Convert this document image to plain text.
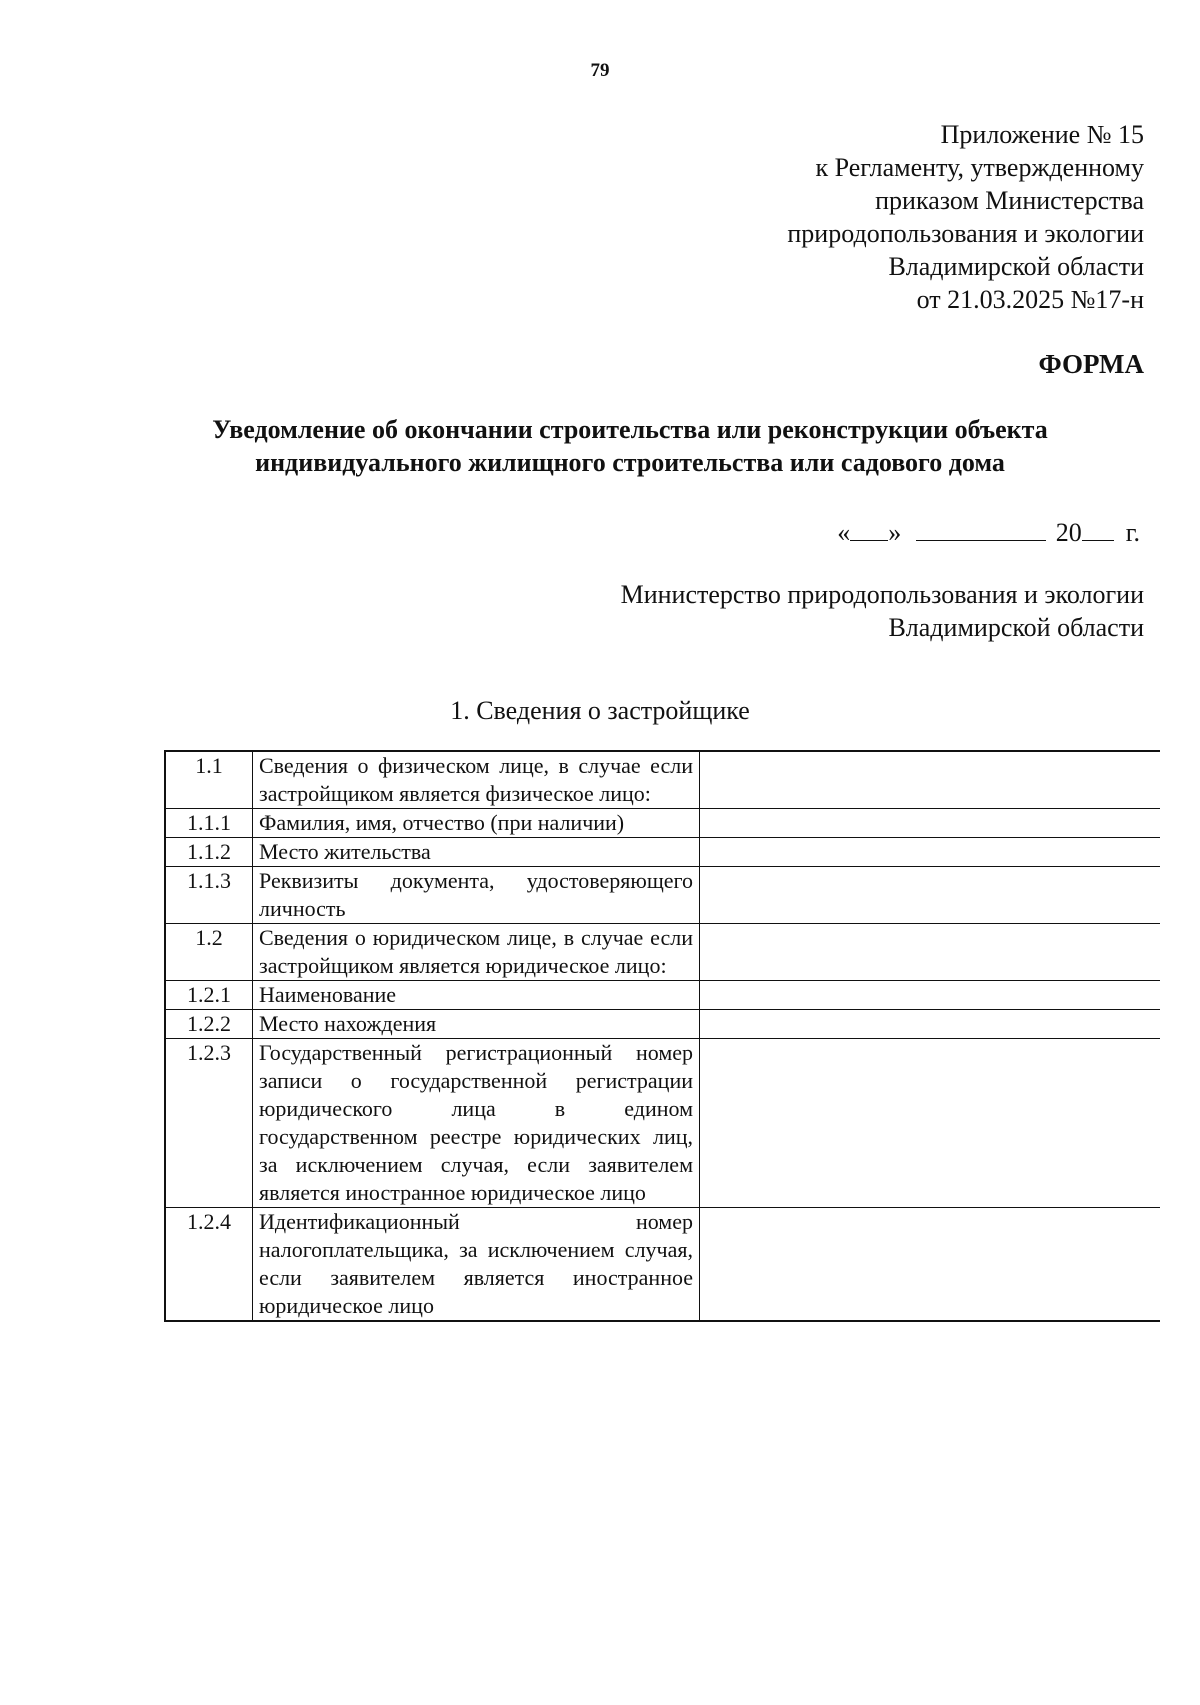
79
Приложение № 15
к Регламенту, утвержденному
приказом Министерства
природопользования и экологии
Владимирской области
от 21.03.2025 №17-н
ФОРМА
Уведомление об окончании строительства или реконструкции объекта
индивидуального жилищного строительства или садового дома
« »	20 г.
Министерство природопользования и экологии
Владимирской области
1. Сведения о застройщике
1.1	Сведения о физическом лице, в случае если застройщиком является физическое лицо:	
1.1.1	Фамилия, имя, отчество (при наличии)	
1.1.2	Место жительства	
1.1.3	Реквизиты документа, удостоверяющего личность	
1.2	Сведения о юридическом лице, в случае если застройщиком является юридическое лицо:	
1.2.1	Наименование	
1.2.2	Место нахождения	
1.2.3	Государственный регистрационный номер записи о государственной регистрации юридического лица в едином государственном реестре юридических лиц, за исключением случая, если заявителем является иностранное юридическое лицо	
1.2.4	Идентификационный номер налогоплательщика, за исключением случая, если заявителем является иностранное юридическое лицо	
